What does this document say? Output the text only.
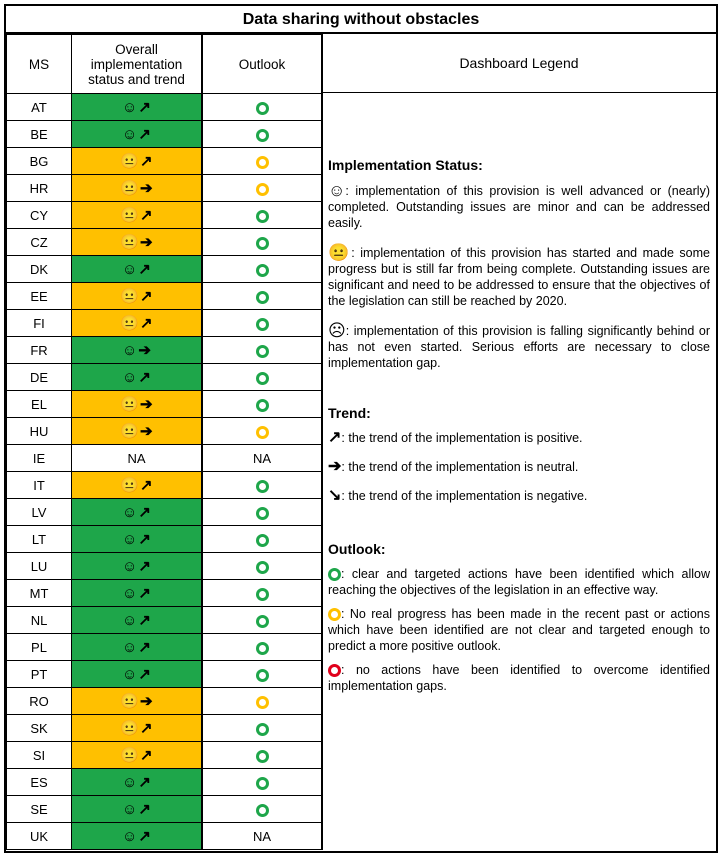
Data sharing without obstacles
MS	Overall implementation status and trend	Outlook
AT	☺↗	
BE	☺↗	
BG	😐↗	
HR	😐➔	
CY	😐↗	
CZ	😐➔	
DK	☺↗	
EE	😐↗	
FI	😐↗	
FR	☺➔	
DE	☺↗	
EL	😐➔	
HU	😐➔	
IE	NA	NA
IT	😐↗	
LV	☺↗	
LT	☺↗	
LU	☺↗	
MT	☺↗	
NL	☺↗	
PL	☺↗	
PT	☺↗	
RO	😐➔	
SK	😐↗	
SI	😐↗	
ES	☺↗	
SE	☺↗	
UK	☺↗	NA
Dashboard Legend

Implementation Status:

☺: implementation of this provision is well advanced or (nearly) completed. Outstanding issues are minor and can be addressed easily.

😐: implementation of this provision has started and made some progress but is still far from being complete. Outstanding issues are significant and need to be addressed to ensure that the objectives of the legislation can still be reached by 2020.

☹: implementation of this provision is falling significantly behind or has not even started. Serious efforts are necessary to close implementation gap.

Trend:

↗: the trend of the implementation is positive.

➔: the trend of the implementation is neutral.

↘: the trend of the implementation is negative.

Outlook:

: clear and targeted actions have been identified which allow reaching the objectives of the legislation in an effective way.

: No real progress has been made in the recent past or actions which have been identified are not clear and targeted enough to predict a more positive outlook.

: no actions have been identified to overcome identified implementation gaps.
